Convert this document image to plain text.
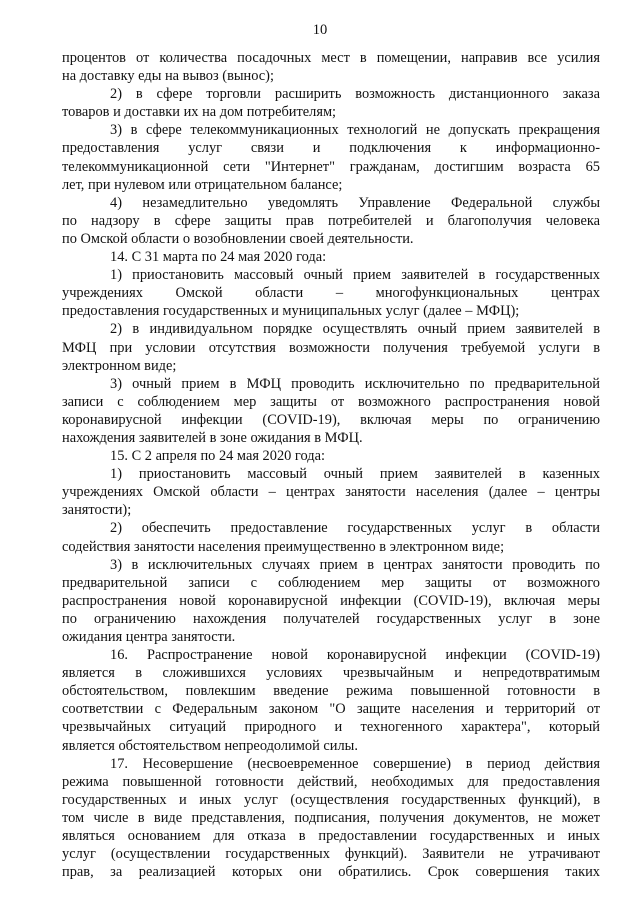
10
процентов от количества посадочных мест в помещении, направив все усилия
на доставку еды на вывоз (вынос);
2) в сфере торговли расширить возможность дистанционного заказа
товаров и доставки их на дом потребителям;
3) в сфере телекоммуникационных технологий не допускать прекращения
предоставления услуг связи и подключения к информационно-
телекоммуникационной сети "Интернет" гражданам, достигшим возраста 65
лет, при нулевом или отрицательном балансе;
4) незамедлительно уведомлять Управление Федеральной службы
по надзору в сфере защиты прав потребителей и благополучия человека
по Омской области о возобновлении своей деятельности.
14. С 31 марта по 24 мая 2020 года:
1) приостановить массовый очный прием заявителей в государственных
учреждениях Омской области – многофункциональных центрах
предоставления государственных и муниципальных услуг (далее – МФЦ);
2) в индивидуальном порядке осуществлять очный прием заявителей в
МФЦ при условии отсутствия возможности получения требуемой услуги в
электронном виде;
3) очный прием в МФЦ проводить исключительно по предварительной
записи с соблюдением мер защиты от возможного распространения новой
коронавирусной инфекции (COVID-19), включая меры по ограничению
нахождения заявителей в зоне ожидания в МФЦ.
15. С 2 апреля по 24 мая 2020 года:
1) приостановить массовый очный прием заявителей в казенных
учреждениях Омской области – центрах занятости населения (далее – центры
занятости);
2) обеспечить предоставление государственных услуг в области
содействия занятости населения преимущественно в электронном виде;
3) в исключительных случаях прием в центрах занятости проводить по
предварительной записи с соблюдением мер защиты от возможного
распространения новой коронавирусной инфекции (COVID-19), включая меры
по ограничению нахождения получателей государственных услуг в зоне
ожидания центра занятости.
16. Распространение новой коронавирусной инфекции (COVID-19)
является в сложившихся условиях чрезвычайным и непредотвратимым
обстоятельством, повлекшим введение режима повышенной готовности в
соответствии с Федеральным законом "О защите населения и территорий от
чрезвычайных ситуаций природного и техногенного характера", который
является обстоятельством непреодолимой силы.
17. Несовершение (несвоевременное совершение) в период действия
режима повышенной готовности действий, необходимых для предоставления
государственных и иных услуг (осуществления государственных функций), в
том числе в виде представления, подписания, получения документов, не может
являться основанием для отказа в предоставлении государственных и иных
услуг (осуществлении государственных функций). Заявители не утрачивают
прав, за реализацией которых они обратились. Срок совершения таких
